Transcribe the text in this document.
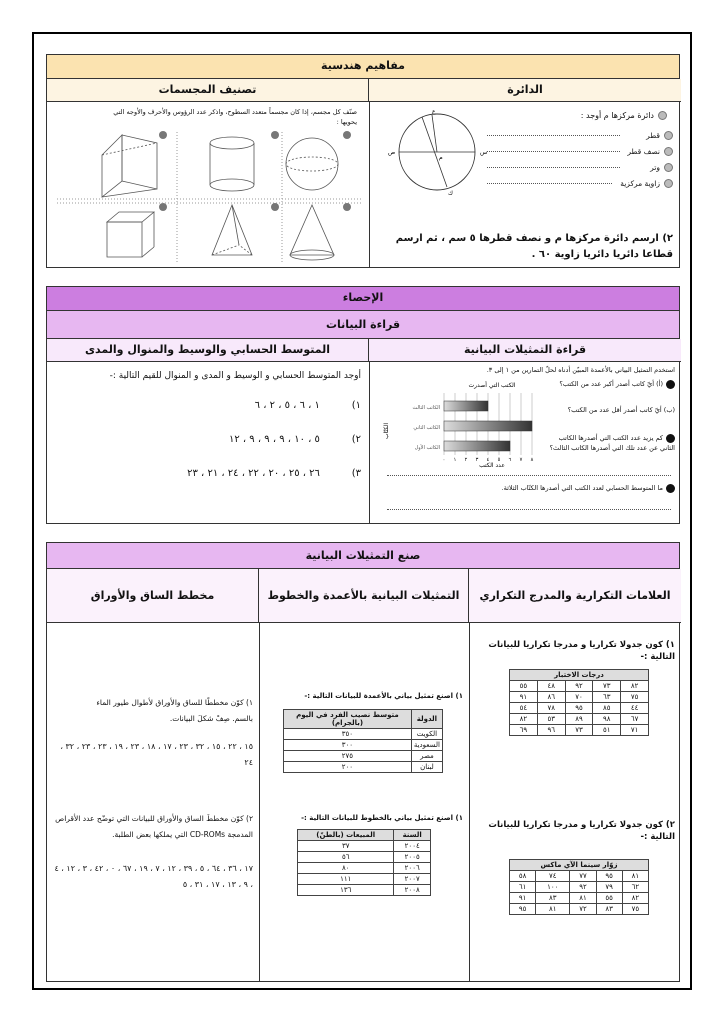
مفاهيم هندسية
تصنيف المجسمات	الدائرة
صنّف كل مجسم، إذا كان مجسماً متعدد السطوح، واذكر عدد الرؤوس والأحرف والأوجه التي يحويها :
س
ص
ع
م
ك
دائرة مركزها م أوجد :
قطر
نصف قطر
وتر
زاوية مركزية
٢) ارسم دائرة مركزها م و نصف قطرها ٥ سم ، ثم ارسم قطاعا دائريا دائريا زاوية ٦٠ .
الإحصاء
قراءة البيانات
المتوسط الحسابي والوسيط والمنوال والمدى	قراءة التمثيلات البيانية
أوجد المتوسط الحسابي و الوسيط و المدى و المنوال للقيم التالية :-
١)          ١ ، ٦ ، ٥ ، ٢ ، ٦
٢)          ٥ ، ١٠ ، ٩ ، ٩ ، ٩ ، ١٢
٣)          ٢٦ ، ٢٥ ، ٢٠ ، ٢٢ ، ٢٤ ، ٢١ ، ٢٣
استخدم التمثيل البياني بالأعمدة المبيّن أدناه لحلّ التمارين من ١ إلى ٣.
(أ) أيّ كاتب أصدر أكبر عدد من الكتب؟
(ب) أيّ كاتب أصدر أقل عدد من الكتب؟
كم يزيد عدد الكتب التي أصدرها الكاتب الثاني عن عدد تلك التي أصدرها الكاتب الثالث؟
ما المتوسط الحسابي لعدد الكتب التي أصدرها الكتّاب الثلاثة.
الكتب التي أصدرت
عدد الكتب
الكتّاب
الكاتب الثالث
الكاتب الثاني
الكاتب الأول
٠ ١ ٢ ٣ ٤ ٥ ٦ ٧ ٨
صنع التمثيلات البيانية
مخطط الساق والأوراق	التمثيلات البيانية بالأعمدة والخطوط	العلامات التكرارية والمدرج التكراري
١) كون جدولا تكراريا و مدرجا تكراريا للبيانات التالية :-
درجات الاختبار				
٨٢	٧٣	٩٢	٤٨	٥٥
٧٥	٦٣	٧٠	٨٦	٩١
٤٤	٨٥	٩٥	٧٨	٥٤
٦٧	٩٨	٨٩	٥٣	٨٢
٧١	٥١	٧٣	٩٦	٦٩
٢) كون جدولا تكراريا و مدرجا تكراريا للبيانات التالية :-
زوّار سينما الآي ماكس				
٨١	٩٥	٧٧	٧٤	٥٨
٦٢	٧٩	٩٢	١٠٠	٦١
٨٢	٥٥	٨١	٨٣	٩١
٧٥	٨٣	٧٢	٨١	٩٥
١) اصنع تمثيل بياني بالأعمدة للبيانات التالية :-
الدولة	متوسط نصيب الفرد في اليوم (بالجرام)
الكويت	٣٥٠
السعودية	٣٠٠
مصر	٢٧٥
لبنان	٢٠٠
١) اصنع تمثيل بياني بالخطوط للبيانات التالية :-
السنة	المبيعات (بالطنّ)
٢٠٠٤	٣٧
٢٠٠٥	٥٦
٢٠٠٦	٨٠
٢٠٠٧	١١١
٢٠٠٨	١٣٦
١) كوّن مخططًا للساق والأوراق لأطوال طيور الماء بالسم. صِفْ شكلَ البيانات.
١٥ ، ٢٢ ، ١٥ ، ٣٢ ، ٢٣ ، ١٧ ، ١٨ ، ٢٣ ، ١٩ ، ٢٣ ، ٢٣ ، ٣٢ ، ٢٤
٢) كوّن مخططَ الساق والأوراق للبيانات التي توضّح عدد الأقراص المدمجة CD-ROMs التي يملكها بعض الطلبة.
١٧ ، ٣٦ ، ٦٤ ، ٥ ، ٣٩ ، ١٢ ، ٧ ، ١٩ ، ٦٧ ، ٠ ، ٤٢ ، ٣ ، ١٢ ، ٤ ، ٩ ، ١٣ ، ١٧ ، ٣١ ، ٥
